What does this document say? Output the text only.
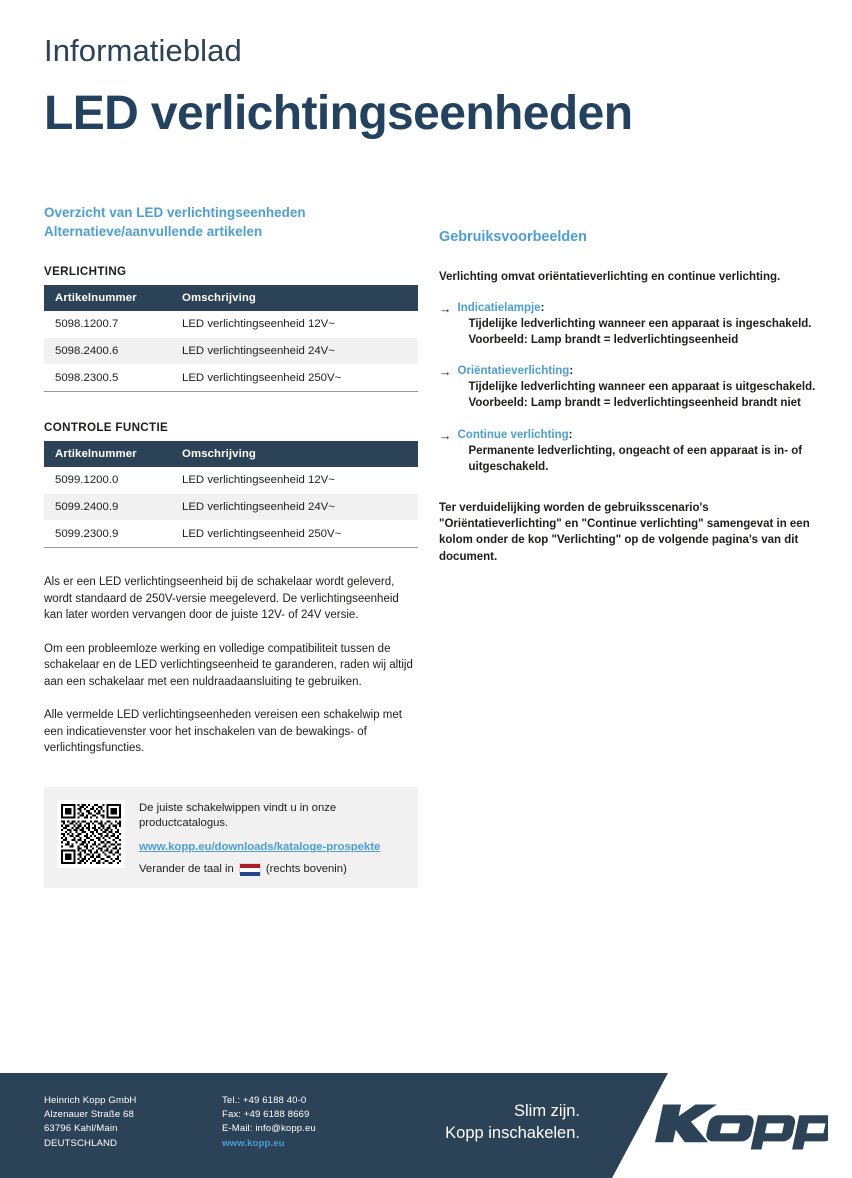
Informatieblad
LED verlichtingseenheden
Overzicht van LED verlichtingseenheden
Alternatieve/aanvullende artikelen
VERLICHTING
Artikelnummer	Omschrijving
5098.1200.7	LED verlichtingseenheid 12V~
5098.2400.6	LED verlichtingseenheid 24V~
5098.2300.5	LED verlichtingseenheid 250V~
CONTROLE FUNCTIE
Artikelnummer	Omschrijving
5099.1200.0	LED verlichtingseenheid 12V~
5099.2400.9	LED verlichtingseenheid 24V~
5099.2300.9	LED verlichtingseenheid 250V~

Als er een LED verlichtingseenheid bij de schakelaar wordt geleverd, wordt standaard de 250V-versie meegeleverd. De verlichtingseenheid kan later worden vervangen door de juiste 12V- of 24V versie.

Om een probleemloze werking en volledige compatibiliteit tussen de schakelaar en de LED verlichtingseenheid te garanderen, raden wij altijd aan een schakelaar met een nuldraadaansluiting te gebruiken.

Alle vermelde LED verlichtingseenheden vereisen een schakelwip met een indicatievenster voor het inschakelen van de bewakings- of verlichtingsfuncties.

De juiste schakelwippen vindt u in onze
productcatalogus.
www.kopp.eu/downloads/kataloge-prospekte
Verander de taal in	(rechts bovenin)
Gebruiksvoorbeelden
Verlichting omvat oriëntatieverlichting en continue verlichting.
→ Indicatielampje:
Tijdelijke ledverlichting wanneer een apparaat is ingeschakeld.
Voorbeeld: Lamp brandt = ledverlichtingseenheid
→ Oriëntatieverlichting:
Tijdelijke ledverlichting wanneer een apparaat is uitgeschakeld.
Voorbeeld: Lamp brandt = ledverlichtingseenheid brandt niet
→ Continue verlichting:
Permanente ledverlichting, ongeacht of een apparaat is in- of
uitgeschakeld.

Ter verduidelijking worden de gebruiksscenario's "Oriëntatieverlichting" en "Continue verlichting" samengevat in een kolom onder de kop "Verlichting" op de volgende pagina's van dit document.

Heinrich Kopp GmbH
Alzenauer Straße 68
63796 Kahl/Main
DEUTSCHLAND
Tel.: +49 6188 40-0
Fax: +49 6188 8669
E-Mail: info@kopp.eu
www.kopp.eu
Slim zijn.
Kopp inschakelen.
